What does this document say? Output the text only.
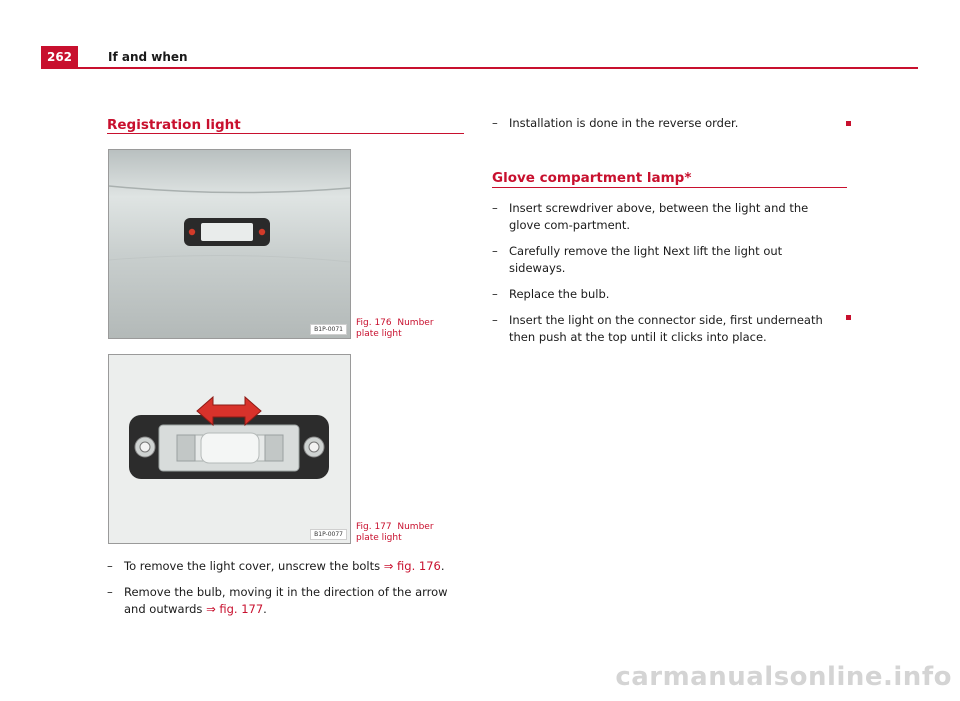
262	If and when
Registration light
B1P-0071
Fig. 176 Number plate light
B1P-0077
Fig. 177 Number plate light
– To remove the light cover, unscrew the bolts ⇒ fig. 176.
– Remove the bulb, moving it in the direction of the arrow and outwards ⇒ fig. 177.
– Installation is done in the reverse order.
Glove compartment lamp*
– Insert screwdriver above, between the light and the glove com-partment.
– Carefully remove the light Next lift the light out sideways.
– Replace the bulb.
– Insert the light on the connector side, first underneath then push at the top until it clicks into place.
carmanualsonline.info
